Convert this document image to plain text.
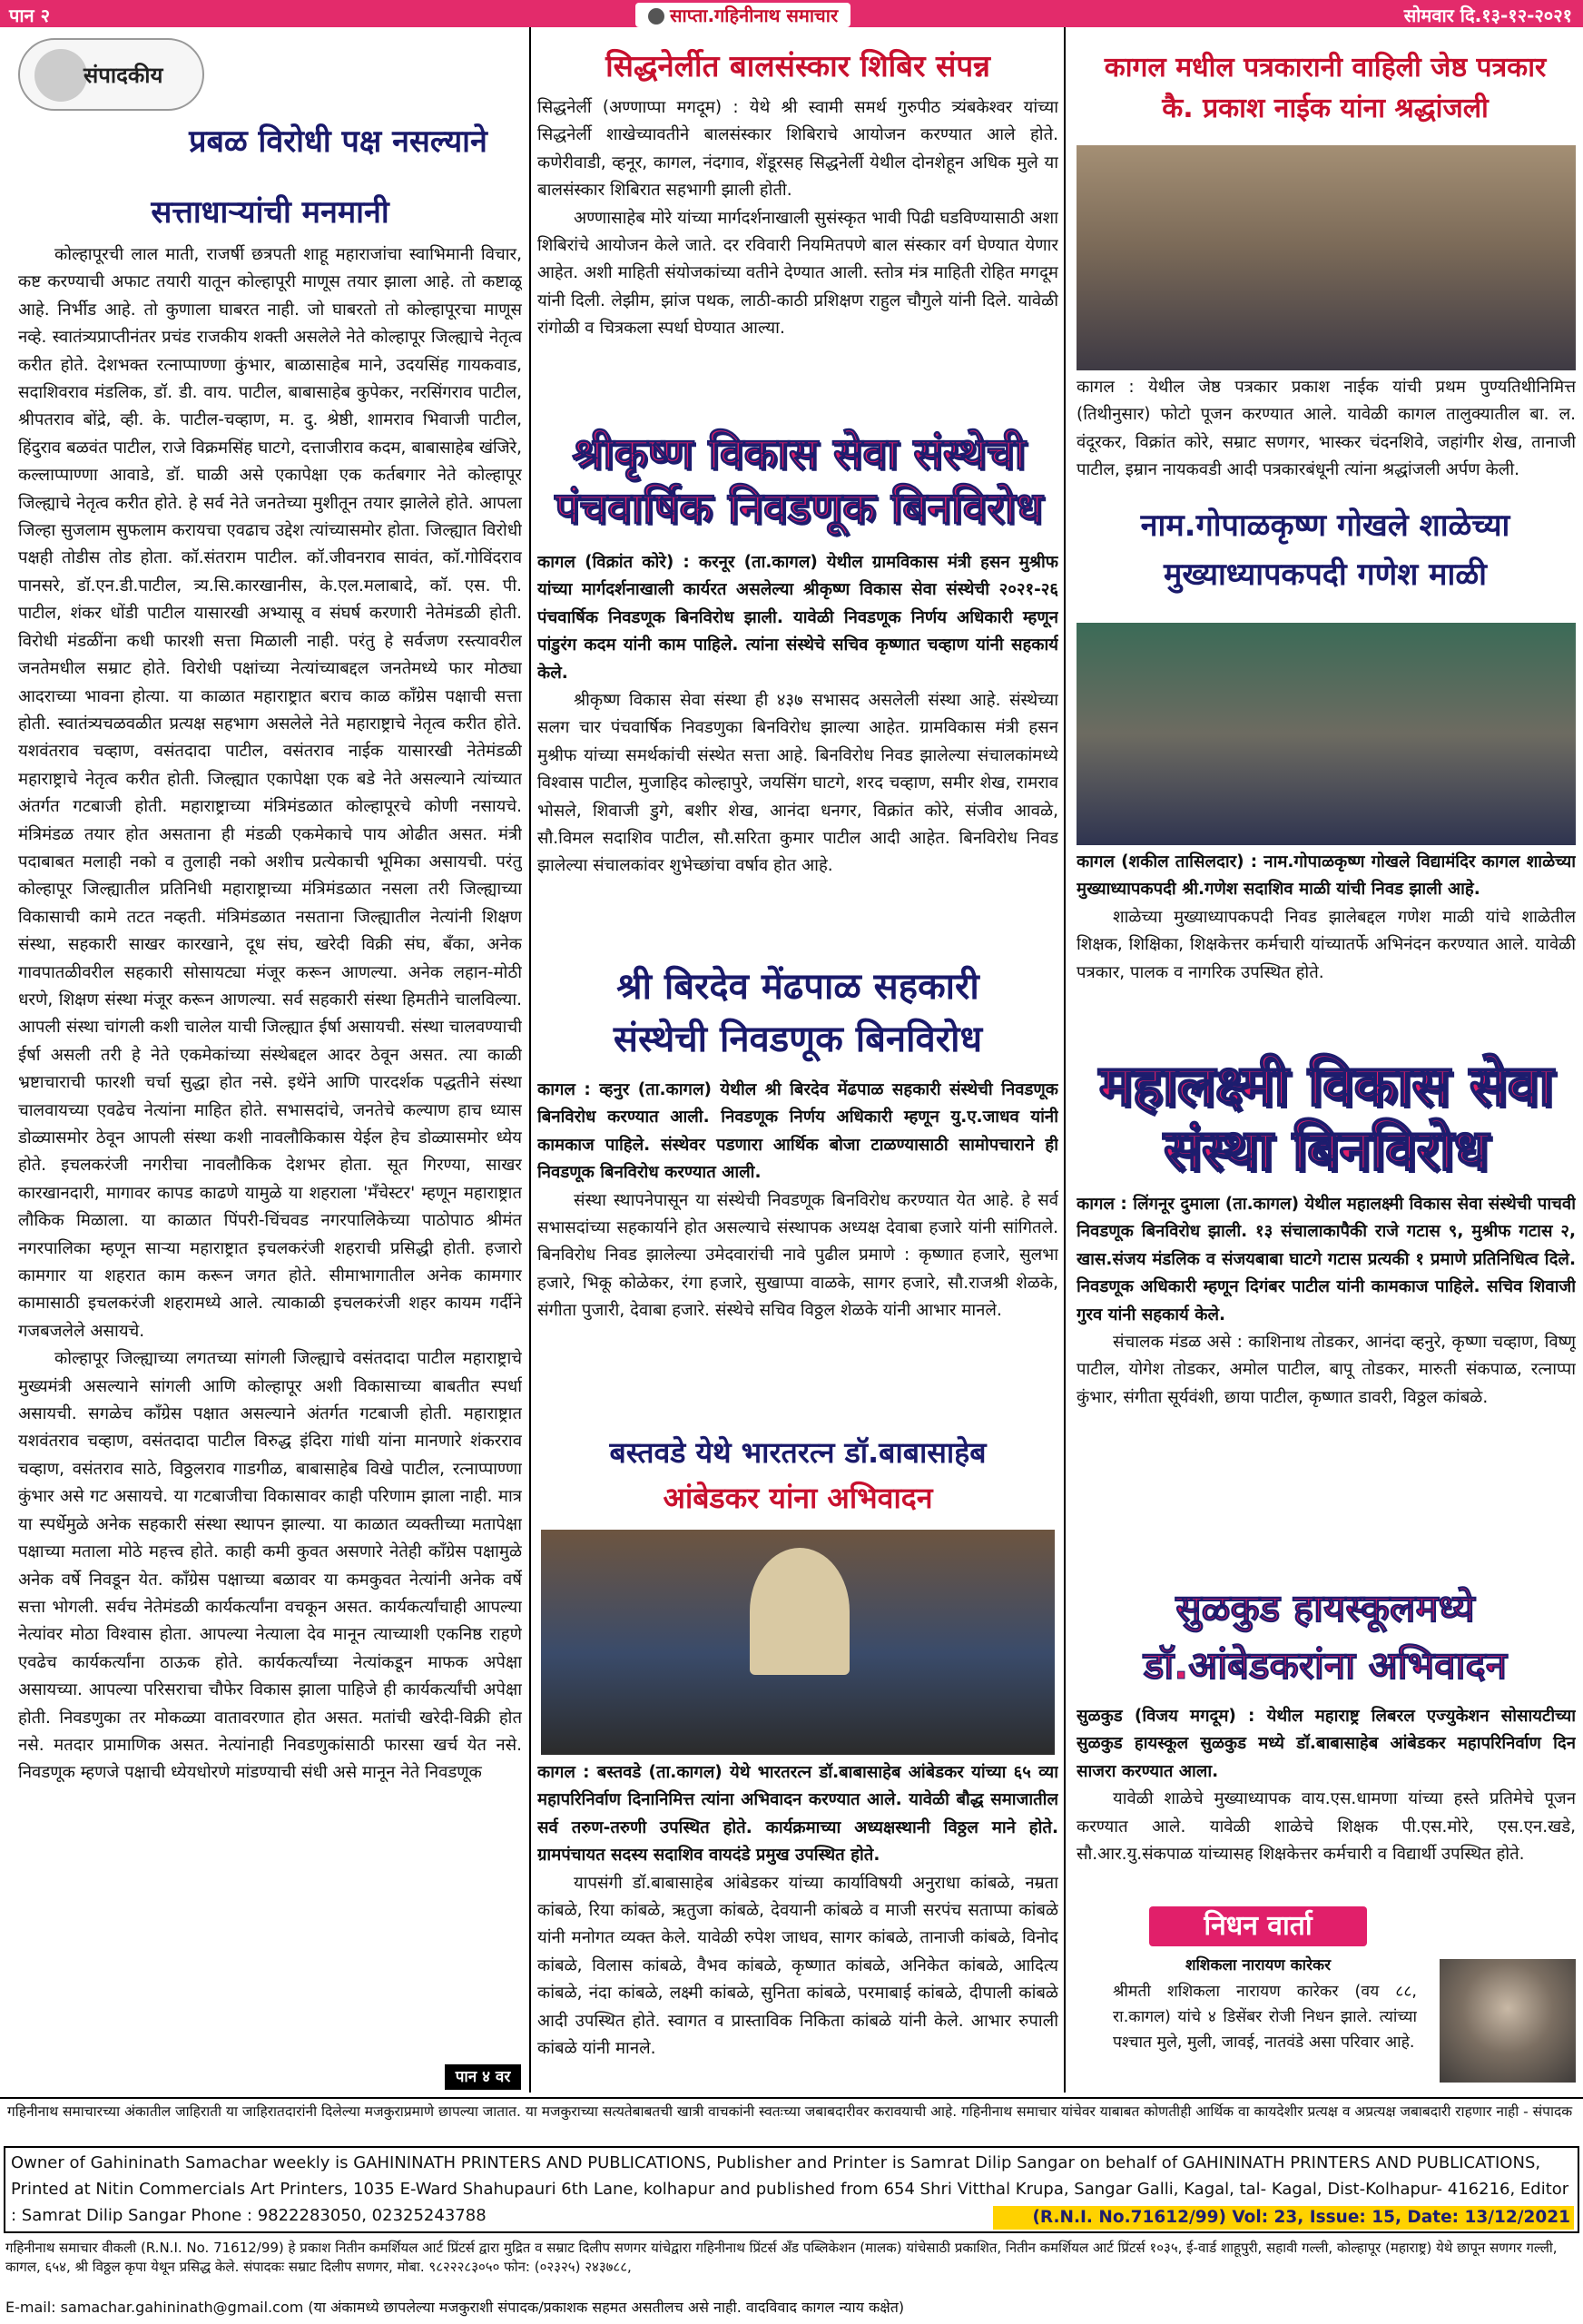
पान २	साप्ता.गहिनीनाथ समाचार	सोमवार दि.१३-१२-२०२१
संपादकीय
प्रबळ विरोधी पक्ष नसल्याने
सत्ताधाऱ्यांची मनमानी

कोल्हापूरची लाल माती, राजर्षी छत्रपती शाहू महाराजांचा स्वाभिमानी विचार, कष्ट करण्याची अफाट तयारी यातून कोल्हापूरी माणूस तयार झाला आहे. तो कष्टाळू आहे. निर्भीड आहे. तो कुणाला घाबरत नाही. जो घाबरतो तो कोल्हापूरचा माणूस नव्हे. स्वातंत्र्यप्राप्तीनंतर प्रचंड राजकीय शक्ती असलेले नेते कोल्हापूर जिल्ह्याचे नेतृत्व करीत होते. देशभक्त रत्नाप्पाण्णा कुंभार, बाळासाहेब माने, उदयसिंह गायकवाड, सदाशिवराव मंडलिक, डॉ. डी. वाय. पाटील, बाबासाहेब कुपेकर, नरसिंगराव पाटील, श्रीपतराव बोंद्रे, व्ही. के. पाटील-चव्हाण, म. दु. श्रेष्ठी, शामराव भिवाजी पाटील, हिंदुराव बळवंत पाटील, राजे विक्रमसिंह घाटगे, दत्ताजीराव कदम, बाबासाहेब खंजिरे, कल्लाप्पाण्णा आवाडे, डॉ. घाळी असे एकापेक्षा एक कर्तबगार नेते कोल्हापूर जिल्ह्याचे नेतृत्व करीत होते. हे सर्व नेते जनतेच्या मुशीतून तयार झालेले होते. आपला जिल्हा सुजलाम सुफलाम करायचा एवढाच उद्देश त्यांच्यासमोर होता. जिल्ह्यात विरोधी पक्षही तोडीस तोड होता. कॉ.संतराम पाटील. कॉ.जीवनराव सावंत, कॉ.गोविंदराव पानसरे, डॉ.एन.डी.पाटील, त्र्य.सि.कारखानीस, के.एल.मलाबादे, कॉ. एस. पी. पाटील, शंकर धोंडी पाटील यासारखी अभ्यासू व संघर्ष करणारी नेतेमंडळी होती. विरोधी मंडळींना कधी फारशी सत्ता मिळाली नाही. परंतु हे सर्वजण रस्त्यावरील जनतेमधील सम्राट होते. विरोधी पक्षांच्या नेत्यांच्याबद्दल जनतेमध्ये फार मोठ्या आदराच्या भावना होत्या. या काळात महाराष्ट्रात बराच काळ काँग्रेस पक्षाची सत्ता होती. स्वातंत्र्यचळवळीत प्रत्यक्ष सहभाग असलेले नेते महाराष्ट्राचे नेतृत्व करीत होते. यशवंतराव चव्हाण, वसंतदादा पाटील, वसंतराव नाईक यासारखी नेतेमंडळी महाराष्ट्राचे नेतृत्व करीत होती. जिल्ह्यात एकापेक्षा एक बडे नेते असल्याने त्यांच्यात अंतर्गत गटबाजी होती. महाराष्ट्राच्या मंत्रिमंडळात कोल्हापूरचे कोणी नसायचे. मंत्रिमंडळ तयार होत असताना ही मंडळी एकमेकाचे पाय ओढीत असत. मंत्री पदाबाबत मलाही नको व तुलाही नको अशीच प्रत्येकाची भूमिका असायची. परंतु कोल्हापूर जिल्ह्यातील प्रतिनिधी महाराष्ट्राच्या मंत्रिमंडळात नसला तरी जिल्ह्याच्या विकासाची कामे तटत नव्हती. मंत्रिमंडळात नसताना जिल्ह्यातील नेत्यांनी शिक्षण संस्था, सहकारी साखर कारखाने, दूध संघ, खरेदी विक्री संघ, बँका, अनेक गावपातळीवरील सहकारी सोसायट्या मंजूर करून आणल्या. अनेक लहान-मोठी धरणे, शिक्षण संस्था मंजूर करून आणल्या. सर्व सहकारी संस्था हिमतीने चालविल्या. आपली संस्था चांगली कशी चालेल याची जिल्ह्यात ईर्षा असायची. संस्था चालवण्याची ईर्षा असली तरी हे नेते एकमेकांच्या संस्थेबद्दल आदर ठेवून असत. त्या काळी भ्रष्टाचाराची फारशी चर्चा सुद्धा होत नसे. इथेंने आणि पारदर्शक पद्धतीने संस्था चालवायच्या एवढेच नेत्यांना माहित होते. सभासदांचे, जनतेचे कल्याण हाच ध्यास डोळ्यासमोर ठेवून आपली संस्था कशी नावलौकिकास येईल हेच डोळ्यासमोर ध्येय होते. इचलकरंजी नगरीचा नावलौकिक देशभर होता. सूत गिरण्या, साखर कारखानदारी, मागावर कापड काढणे यामुळे या शहराला 'मँचेस्टर' म्हणून महाराष्ट्रात लौकिक मिळाला. या काळात पिंपरी-चिंचवड नगरपालिकेच्या पाठोपाठ श्रीमंत नगरपालिका म्हणून साऱ्या महाराष्ट्रात इचलकरंजी शहराची प्रसिद्धी होती. हजारो कामगार या शहरात काम करून जगत होते. सीमाभागातील अनेक कामगार कामासाठी इचलकरंजी शहरामध्ये आले. त्याकाळी इचलकरंजी शहर कायम गर्दीने गजबजलेले असायचे.

कोल्हापूर जिल्ह्याच्या लगतच्या सांगली जिल्ह्याचे वसंतदादा पाटील महाराष्ट्राचे मुख्यमंत्री असल्याने सांगली आणि कोल्हापूर अशी विकासाच्या बाबतीत स्पर्धा असायची. सगळेच काँग्रेस पक्षात असल्याने अंतर्गत गटबाजी होती. महाराष्ट्रात यशवंतराव चव्हाण, वसंतदादा पाटील विरुद्ध इंदिरा गांधी यांना मानणारे शंकरराव चव्हाण, वसंतराव साठे, विठ्ठलराव गाडगीळ, बाबासाहेब विखे पाटील, रत्नाप्पाण्णा कुंभार असे गट असायचे. या गटबाजीचा विकासावर काही परिणाम झाला नाही. मात्र या स्पर्धेमुळे अनेक सहकारी संस्था स्थापन झाल्या. या काळात व्यक्तीच्या मतापेक्षा पक्षाच्या मताला मोठे महत्त्व होते. काही कमी कुवत असणारे नेतेही काँग्रेस पक्षामुळे अनेक वर्षे निवडून येत. काँग्रेस पक्षाच्या बळावर या कमकुवत नेत्यांनी अनेक वर्षे सत्ता भोगली. सर्वच नेतेमंडळी कार्यकर्त्यांना वचकून असत. कार्यकर्त्यांचाही आपल्या नेत्यांवर मोठा विश्वास होता. आपल्या नेत्याला देव मानून त्याच्याशी एकनिष्ठ राहणे एवढेच कार्यकर्त्यांना ठाऊक होते. कार्यकर्त्यांच्या नेत्यांकडून माफक अपेक्षा असायच्या. आपल्या परिसराचा चौफेर विकास झाला पाहिजे ही कार्यकर्त्यांची अपेक्षा होती. निवडणुका तर मोकळ्या वातावरणात होत असत. मतांची खरेदी-विक्री होत नसे. मतदार प्रामाणिक असत. नेत्यांनाही निवडणुकांसाठी फारसा खर्च येत नसे. निवडणूक म्हणजे पक्षाची ध्येयधोरणे मांडण्याची संधी असे मानून नेते निवडणूक

पान ४ वर
सिद्धनेर्लीत बालसंस्कार शिबिर संपन्न

सिद्धनेर्ली (अण्णाप्पा मगदूम) : येथे श्री स्वामी समर्थ गुरुपीठ त्र्यंबकेश्वर यांच्या सिद्धनेर्ली शाखेच्यावतीने बालसंस्कार शिबिराचे आयोजन करण्यात आले होते. कणेरीवाडी, व्हनूर, कागल, नंदगाव, शेंडूरसह सिद्धनेर्ली येथील दोनशेहून अधिक मुले या बालसंस्कार शिबिरात सहभागी झाली होती.

अण्णासाहेब मोरे यांच्या मार्गदर्शनाखाली सुसंस्कृत भावी पिढी घडविण्यासाठी अशा शिबिरांचे आयोजन केले जाते. दर रविवारी नियमितपणे बाल संस्कार वर्ग घेण्यात येणार आहेत. अशी माहिती संयोजकांच्या वतीने देण्यात आली. स्तोत्र मंत्र माहिती रोहित मगदूम यांनी दिली. लेझीम, झांज पथक, लाठी-काठी प्रशिक्षण राहुल चौगुले यांनी दिले. यावेळी रांगोळी व चित्रकला स्पर्धा घेण्यात आल्या.

श्रीकृष्ण विकास सेवा संस्थेची
पंचवार्षिक निवडणूक बिनविरोध

कागल (विक्रांत कोरे) : करनूर (ता.कागल) येथील ग्रामविकास मंत्री हसन मुश्रीफ यांच्या मार्गदर्शनाखाली कार्यरत असलेल्या श्रीकृष्ण विकास सेवा संस्थेची २०२१-२६ पंचवार्षिक निवडणूक बिनविरोध झाली. यावेळी निवडणूक निर्णय अधिकारी म्हणून पांडुरंग कदम यांनी काम पाहिले. त्यांना संस्थेचे सचिव कृष्णात चव्हाण यांनी सहकार्य केले.

श्रीकृष्ण विकास सेवा संस्था ही ४३७ सभासद असलेली संस्था आहे. संस्थेच्या सलग चार पंचवार्षिक निवडणुका बिनविरोध झाल्या आहेत. ग्रामविकास मंत्री हसन मुश्रीफ यांच्या समर्थकांची संस्थेत सत्ता आहे. बिनविरोध निवड झालेल्या संचालकांमध्ये विश्वास पाटील, मुजाहिद कोल्हापुरे, जयसिंग घाटगे, शरद चव्हाण, समीर शेख, रामराव भोसले, शिवाजी डुगे, बशीर शेख, आनंदा धनगर, विक्रांत कोरे, संजीव आवळे, सौ.विमल सदाशिव पाटील, सौ.सरिता कुमार पाटील आदी आहेत. बिनविरोध निवड झालेल्या संचालकांवर शुभेच्छांचा वर्षाव होत आहे.

श्री बिरदेव मेंढपाळ सहकारी
संस्थेची निवडणूक बिनविरोध

कागल : व्हनुर (ता.कागल) येथील श्री बिरदेव मेंढपाळ सहकारी संस्थेची निवडणूक बिनविरोध करण्यात आली. निवडणूक निर्णय अधिकारी म्हणून यु.ए.जाधव यांनी कामकाज पाहिले. संस्थेवर पडणारा आर्थिक बोजा टाळण्यासाठी सामोपचाराने ही निवडणूक बिनविरोध करण्यात आली.

संस्था स्थापनेपासून या संस्थेची निवडणूक बिनविरोध करण्यात येत आहे. हे सर्व सभासदांच्या सहकार्याने होत असल्याचे संस्थापक अध्यक्ष देवाबा हजारे यांनी सांगितले. बिनविरोध निवड झालेल्या उमेदवारांची नावे पुढील प्रमाणे : कृष्णात हजारे, सुलभा हजारे, भिकू कोळेकर, रंगा हजारे, सुखाप्पा वाळके, सागर हजारे, सौ.राजश्री शेळके, संगीता पुजारी, देवाबा हजारे. संस्थेचे सचिव विठ्ठल शेळके यांनी आभार मानले.

बस्तवडे येथे भारतरत्न डॉ.बाबासाहेब
आंबेडकर यांना अभिवादन

कागल : बस्तवडे (ता.कागल) येथे भारतरत्न डॉ.बाबासाहेब आंबेडकर यांच्या ६५ व्या महापरिनिर्वाण दिनानिमित्त त्यांना अभिवादन करण्यात आले. यावेळी बौद्ध समाजातील सर्व तरुण-तरुणी उपस्थित होते. कार्यक्रमाच्या अध्यक्षस्थानी विठ्ठल माने होते. ग्रामपंचायत सदस्य सदाशिव वायदंडे प्रमुख उपस्थित होते.

यापसंगी डॉ.बाबासाहेब आंबेडकर यांच्या कार्याविषयी अनुराधा कांबळे, नम्रता कांबळे, रिया कांबळे, ऋतुजा कांबळे, देवयानी कांबळे व माजी सरपंच सताप्पा कांबळे यांनी मनोगत व्यक्त केले. यावेळी रुपेश जाधव, सागर कांबळे, तानाजी कांबळे, विनोद कांबळे, विलास कांबळे, वैभव कांबळे, कृष्णात कांबळे, अनिकेत कांबळे, आदित्य कांबळे, नंदा कांबळे, लक्ष्मी कांबळे, सुनिता कांबळे, परमाबाई कांबळे, दीपाली कांबळे आदी उपस्थित होते. स्वागत व प्रास्ताविक निकिता कांबळे यांनी केले. आभार रुपाली कांबळे यांनी मानले.

कागल मधील पत्रकारानी वाहिली जेष्ठ पत्रकार
कै. प्रकाश नाईक यांना श्रद्धांजली

कागल : येथील जेष्ठ पत्रकार प्रकाश नाईक यांची प्रथम पुण्यतिथीनिमित्त (तिथीनुसार) फोटो पूजन करण्यात आले. यावेळी कागल तालुक्यातील बा. ल. वंदूरकर, विक्रांत कोरे, सम्राट सणगर, भास्कर चंदनशिवे, जहांगीर शेख, तानाजी पाटील, इम्रान नायकवडी आदी पत्रकारबंधूनी त्यांना श्रद्धांजली अर्पण केली.

नाम.गोपाळकृष्ण गोखले शाळेच्या
मुख्याध्यापकपदी गणेश माळी

कागल (शकील तासिलदार) : नाम.गोपाळकृष्ण गोखले विद्यामंदिर कागल शाळेच्या मुख्याध्यापकपदी श्री.गणेश सदाशिव माळी यांची निवड झाली आहे.

शाळेच्या मुख्याध्यापकपदी निवड झालेबद्दल गणेश माळी यांचे शाळेतील शिक्षक, शिक्षिका, शिक्षकेत्तर कर्मचारी यांच्यातर्फे अभिनंदन करण्यात आले. यावेळी पत्रकार, पालक व नागरिक उपस्थित होते.

महालक्ष्मी विकास सेवा
संस्था बिनविरोध

कागल : लिंगनूर दुमाला (ता.कागल) येथील महालक्ष्मी विकास सेवा संस्थेची पाचवी निवडणूक बिनविरोध झाली. १३ संचालाकापैकी राजे गटास ९, मुश्रीफ गटास २, खास.संजय मंडलिक व संजयबाबा घाटगे गटास प्रत्यकी १ प्रमाणे प्रतिनिधित्व दिले. निवडणूक अधिकारी म्हणून दिगंबर पाटील यांनी कामकाज पाहिले. सचिव शिवाजी गुरव यांनी सहकार्य केले.

संचालक मंडळ असे : काशिनाथ तोडकर, आनंदा व्हनुरे, कृष्णा चव्हाण, विष्णू पाटील, योगेश तोडकर, अमोल पाटील, बापू तोडकर, मारुती संकपाळ, रत्नाप्पा कुंभार, संगीता सूर्यवंशी, छाया पाटील, कृष्णात डावरी, विठ्ठल कांबळे.

सुळकुड हायस्कूलमध्ये
डॉ.आंबेडकरांना अभिवादन

सुळकुड (विजय मगदूम) : येथील महाराष्ट्र लिबरल एज्युकेशन सोसायटीच्या सुळकुड हायस्कूल सुळकुड मध्ये डॉ.बाबासाहेब आंबेडकर महापरिनिर्वाण दिन साजरा करण्यात आला.

यावेळी शाळेचे मुख्याध्यापक वाय.एस.धामणा यांच्या हस्ते प्रतिमेचे पूजन करण्यात आले. यावेळी शाळेचे शिक्षक पी.एस.मोरे, एस.एन.खडे, सौ.आर.यु.संकपाळ यांच्यासह शिक्षकेत्तर कर्मचारी व विद्यार्थी उपस्थित होते.

निधन वार्ता
शशिकला नारायण कारेकर

श्रीमती शशिकला नारायण कारेकर (वय ८८, रा.कागल) यांचे ४ डिसेंबर रोजी निधन झाले. त्यांच्या पश्चात मुले, मुली, जावई, नातवंडे असा परिवार आहे.

गहिनीनाथ समाचारच्या अंकातील जाहिराती या जाहिरातदारांनी दिलेल्या मजकुराप्रमाणे छापल्या जातात. या मजकुराच्या सत्यतेबाबतची खात्री वाचकांनी स्वतःच्या जबाबदारीवर करावयाची आहे. गहिनीनाथ समाचार यांचेवर याबाबत कोणतीही आर्थिक वा कायदेशीर प्रत्यक्ष व अप्रत्यक्ष जबाबदारी राहणार नाही - संपादक
Owner of Gahininath Samachar weekly is GAHININATH PRINTERS AND PUBLICATIONS, Publisher and Printer is Samrat Dilip Sangar on behalf of GAHININATH PRINTERS AND PUBLICATIONS, Printed at Nitin Commercials Art Printers, 1035 E-Ward Shahupauri 6th Lane, kolhapur and published from 654 Shri Vitthal Krupa, Sangar Galli, Kagal, tal- Kagal, Dist-Kolhapur- 416216, Editor : Samrat Dilip Sangar Phone : 9822283050, 02325243788	(R.N.I. No.71612/99) Vol: 23, Issue: 15, Date: 13/12/2021
गहिनीनाथ समाचार वीकली (R.N.I. No. 71612/99) हे प्रकाश नितीन कमर्शियल आर्ट प्रिंटर्स द्वारा मुद्रित व सम्राट दिलीप सणगर यांचेद्वारा गहिनीनाथ प्रिंटर्स अँड पब्लिकेशन (मालक) यांचेसाठी प्रकाशित, नितीन कमर्शियल आर्ट प्रिंटर्स १०३५, ई-वार्ड शाहूपुरी, सहावी गल्ली, कोल्हापूर (महाराष्ट्र) येथे छापून सणगर गल्ली, कागल, ६५४, श्री विठ्ठल कृपा येथून प्रसिद्ध केले. संपादकः सम्राट दिलीप सणगर, मोबा. ९८२२२८३०५० फोन: (०२३२५) २४३७८८,
E-mail: samachar.gahininath@gmail.com (या अंकामध्ये छापलेल्या मजकुराशी संपादक/प्रकाशक सहमत असतीलच असे नाही. वादविवाद कागल न्याय कक्षेत)
